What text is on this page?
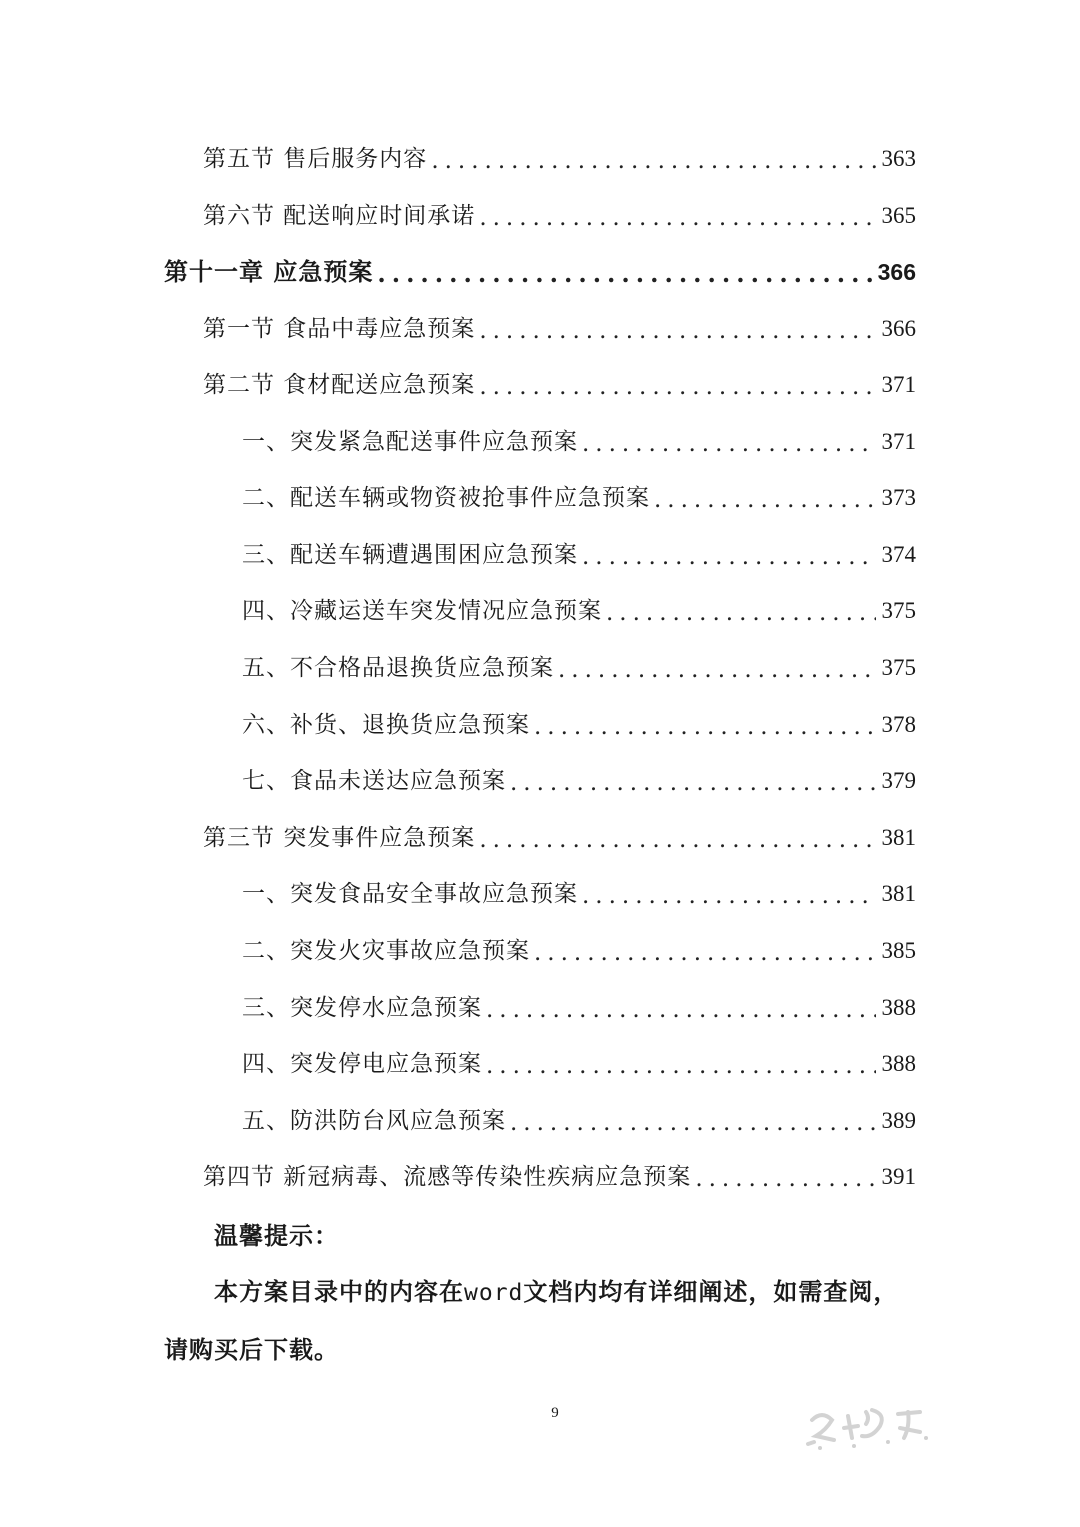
第五节 售后服务内容 .....	363
第六节 配送响应时间承诺 .....	365
第十一章 应急预案 .....	366
第一节 食品中毒应急预案 .....	366
第二节 食材配送应急预案 .....	371
一、突发紧急配送事件应急预案 .....	371
二、配送车辆或物资被抢事件应急预案 .....	373
三、配送车辆遭遇围困应急预案 .....	374
四、冷藏运送车突发情况应急预案 .....	375
五、不合格品退换货应急预案 .....	375
六、补货、退换货应急预案 .....	378
七、食品未送达应急预案 .....	379
第三节 突发事件应急预案 .....	381
一、突发食品安全事故应急预案 .....	381
二、突发火灾事故应急预案 .....	385
三、突发停水应急预案 .....	388
四、突发停电应急预案 .....	388
五、防洪防台风应急预案 .....	389
第四节 新冠病毒、流感等传染性疾病应急预案 .....	391
温馨提示：
本方案目录中的内容在word文档内均有详细阐述，如需查阅，
请购买后下载。
9
